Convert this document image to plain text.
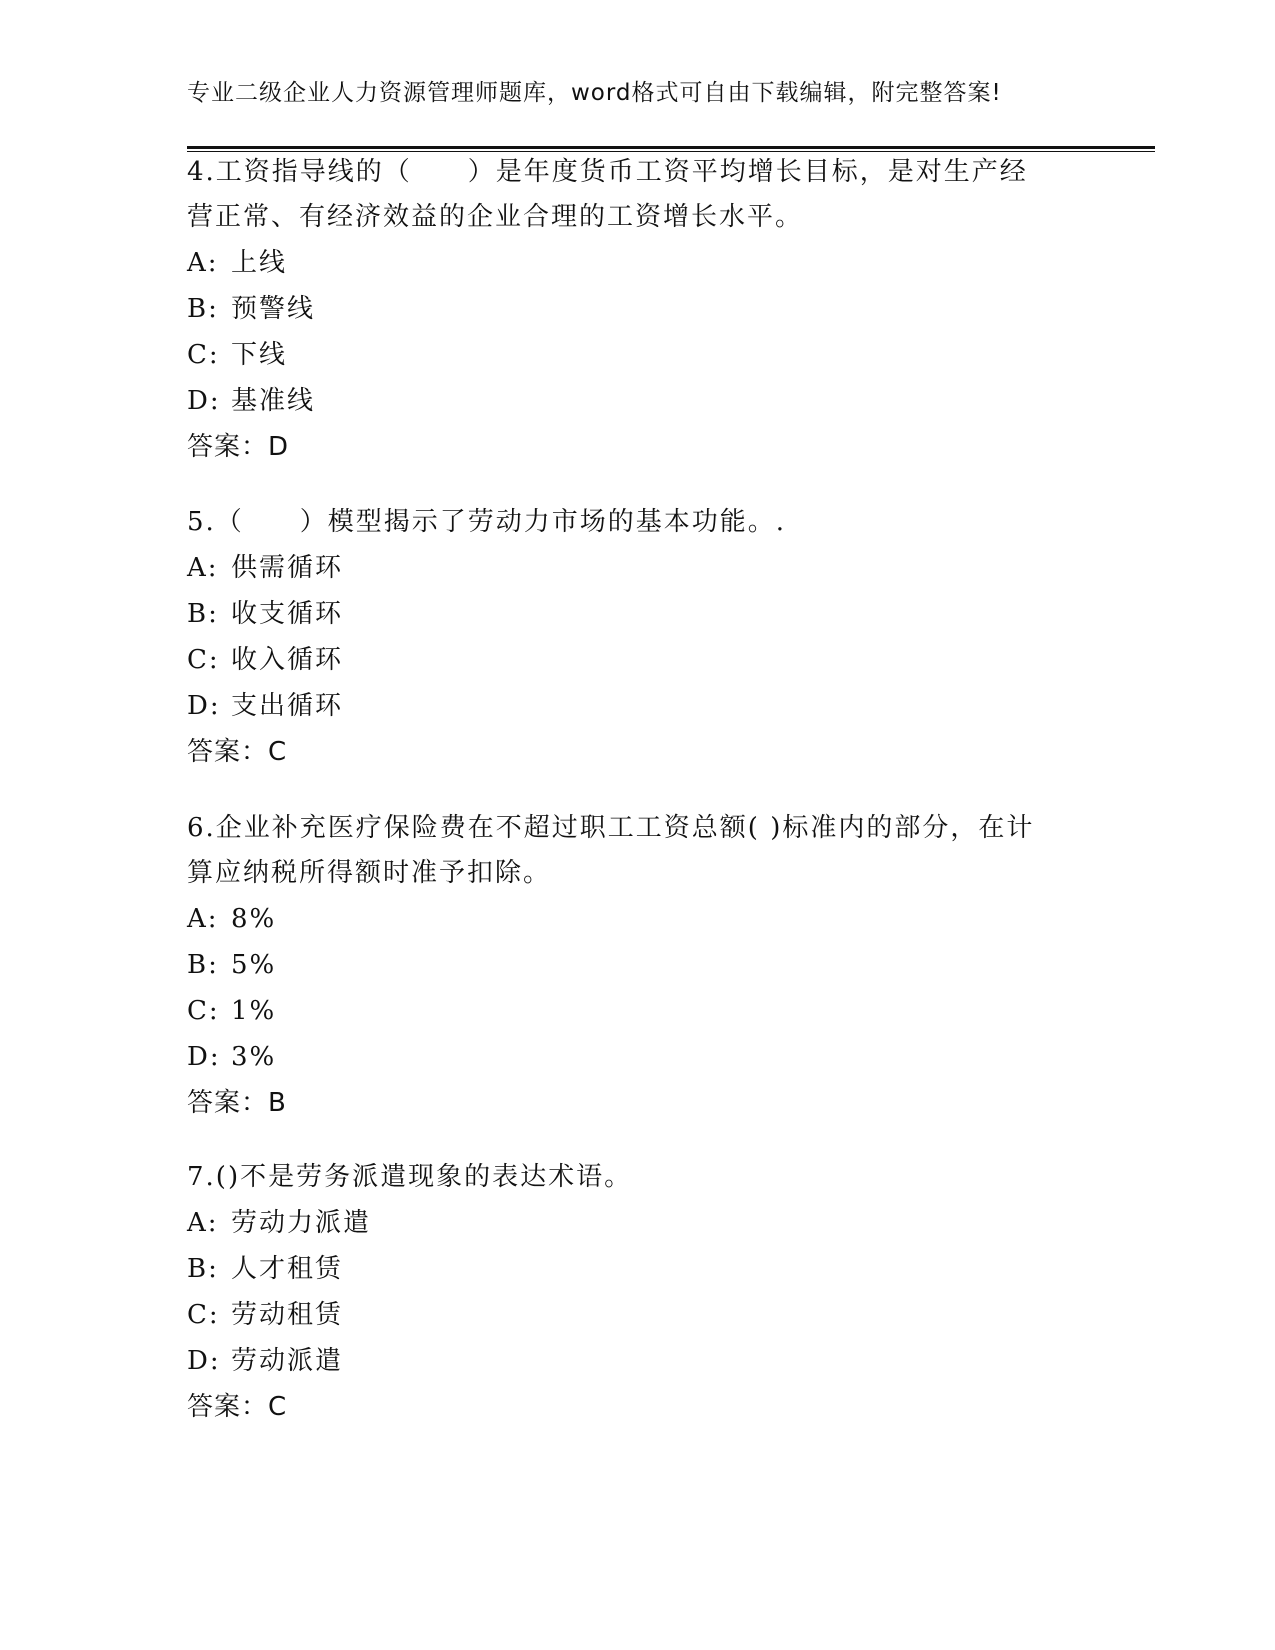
专业二级企业人力资源管理师题库，word格式可自由下载编辑，附完整答案!

4.工资指导线的（　　）是年度货币工资平均增长目标，是对生产经

营正常、有经济效益的企业合理的工资增长水平。

A: 上线

B: 预警线

C: 下线

D: 基准线

答案：D

5.（　　）模型揭示了劳动力市场的基本功能。.

A: 供需循环

B: 收支循环

C: 收入循环

D: 支出循环

答案：C

6.企业补充医疗保险费在不超过职工工资总额( )标准内的部分，在计

算应纳税所得额时准予扣除。

A: 8%

B: 5%

C: 1%

D: 3%

答案：B

7.()不是劳务派遣现象的表达术语。

A: 劳动力派遣

B: 人才租赁

C: 劳动租赁

D: 劳动派遣

答案：C
